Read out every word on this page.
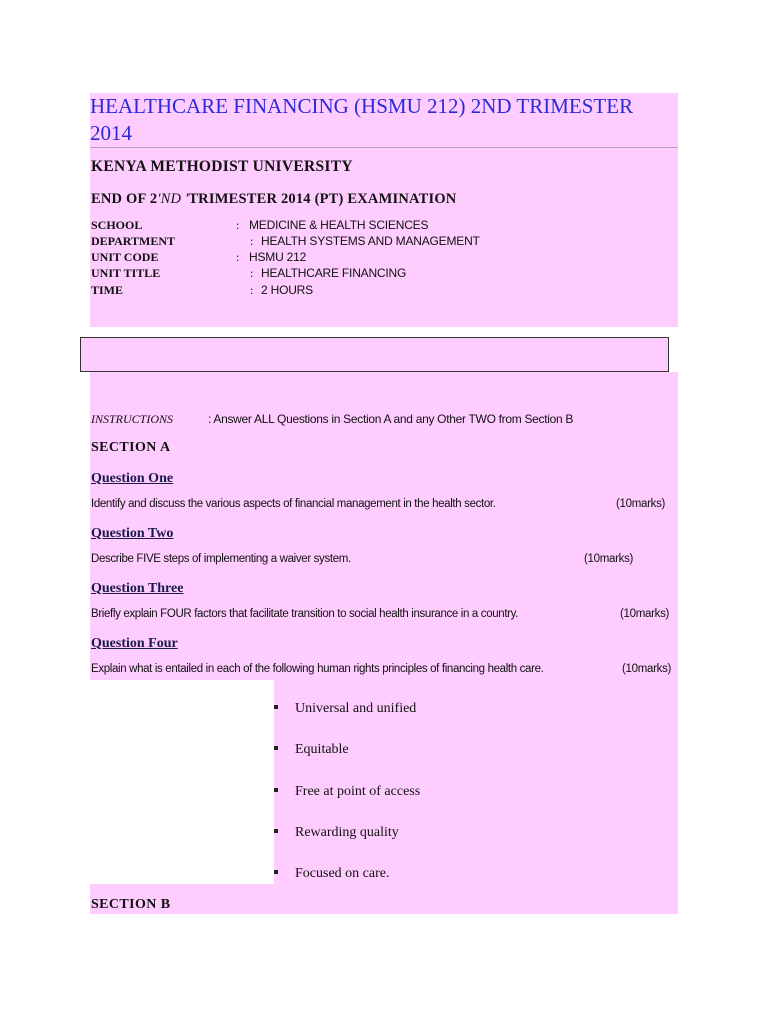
HEALTHCARE FINANCING (HSMU 212) 2ND TRIMESTER 2014
KENYA METHODIST UNIVERSITY
END OF 2'ND 'TRIMESTER 2014 (PT) EXAMINATION
SCHOOL	: MEDICINE & HEALTH SCIENCES
DEPARTMENT	: HEALTH SYSTEMS AND MANAGEMENT
UNIT CODE	: HSMU 212
UNIT TITLE	: HEALTHCARE FINANCING
TIME	: 2 HOURS
INSTRUCTIONS	: Answer ALL Questions in Section A and any Other TWO from Section B
SECTION A
Question One
Identify and discuss the various aspects of financial management in the health sector.	(10marks)
Question Two
Describe FIVE steps of implementing a waiver system.	(10marks)
Question Three
Briefly explain FOUR factors that facilitate transition to social health insurance in a country.	(10marks)
Question Four
Explain what is entailed in each of the following human rights principles of financing health care.	(10marks)
Universal and unified
Equitable
Free at point of access
Rewarding quality
Focused on care.
SECTION B
